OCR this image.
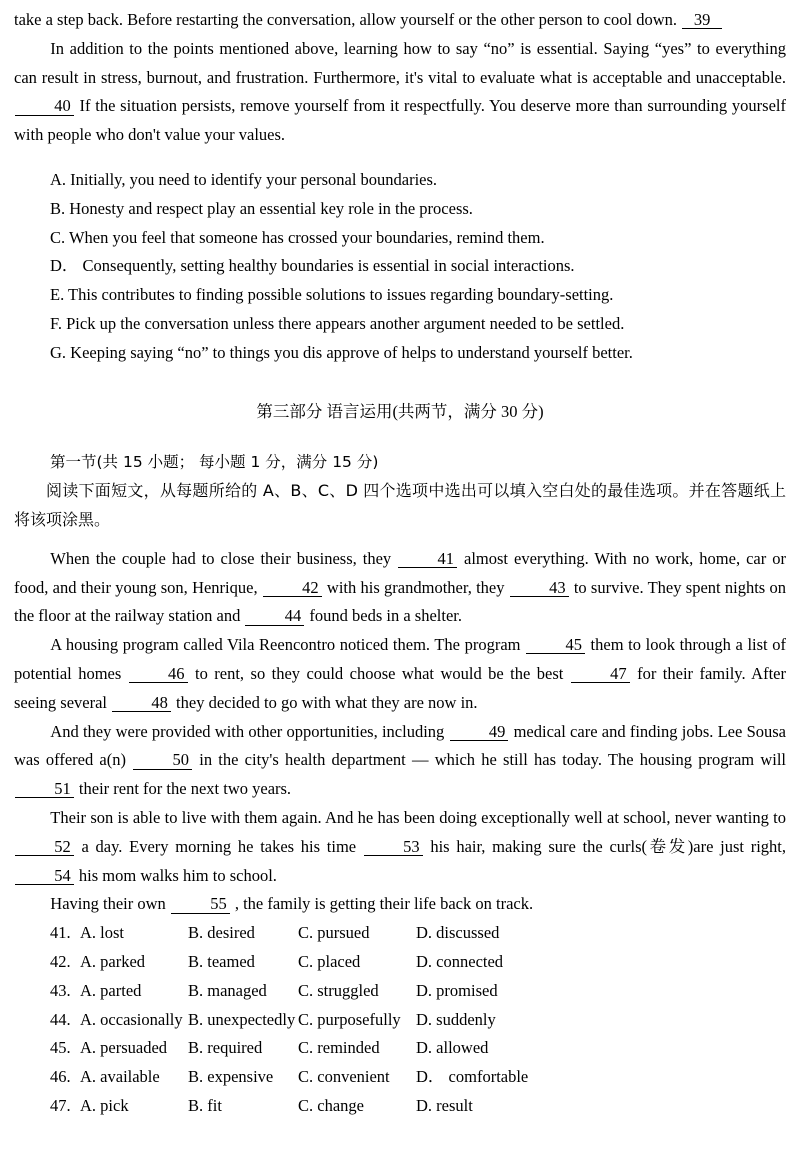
take a step back. Before restarting the conversation, allow yourself or the other person to cool down. 39

In addition to the points mentioned above, learning how to say “no” is essential. Saying “yes” to everything can result in stress, burnout, and frustration. Furthermore, it's vital to evaluate what is acceptable and unacceptable. 40 If the situation persists, remove yourself from it respectfully. You deserve more than surrounding yourself with people who don't value your values.

A. Initially, you need to identify your personal boundaries.

B. Honesty and respect play an essential key role in the process.

C. When you feel that someone has crossed your boundaries, remind them.

D． Consequently, setting healthy boundaries is essential in social interactions.

E. This contributes to finding possible solutions to issues regarding boundary-setting.

F. Pick up the conversation unless there appears another argument needed to be settled.

G. Keeping saying “no” to things you dis approve of helps to understand yourself better.

第三部分 语言运用(共两节，满分 30 分)

第一节(共 15 小题； 每小题 1 分，满分 15 分)

阅读下面短文，从每题所给的 A、B、C、D 四个选项中选出可以填入空白处的最佳选项。并在答题纸上将该项涂黑。

When the couple had to close their business, they 41 almost everything. With no work, home, car or food, and their young son, Henrique, 42 with his grandmother, they 43 to survive. They spent nights on the floor at the railway station and 44 found beds in a shelter.

A housing program called Vila Reencontro noticed them. The program 45 them to look through a list of potential homes 46 to rent, so they could choose what would be the best 47 for their family. After seeing several 48 they decided to go with what they are now in.

And they were provided with other opportunities, including 49 medical care and finding jobs. Lee Sousa was offered a(n) 50 in the city's health department — which he still has today. The housing program will 51 their rent for the next two years.

Their son is able to live with them again. And he has been doing exceptionally well at school, never wanting to 52 a day. Every morning he takes his time 53 his hair, making sure the curls(卷发)are just right, 54 his mom walks him to school.

Having their own 55 , the family is getting their life back on track.

41. A. lost	B. desired	C. pursued	D. discussed
42. A. parked	B. teamed	C. placed	D. connected
43. A. parted	B. managed C. struggled D. promised
44. A. occasionally B. unexpectedly C. purposefully D. suddenly
45. A. persuaded B. required C. reminded D. allowed
46. A. available B. expensive C. convenient D． comfortable
47. A. pick	B. fit	C. change	D. result
